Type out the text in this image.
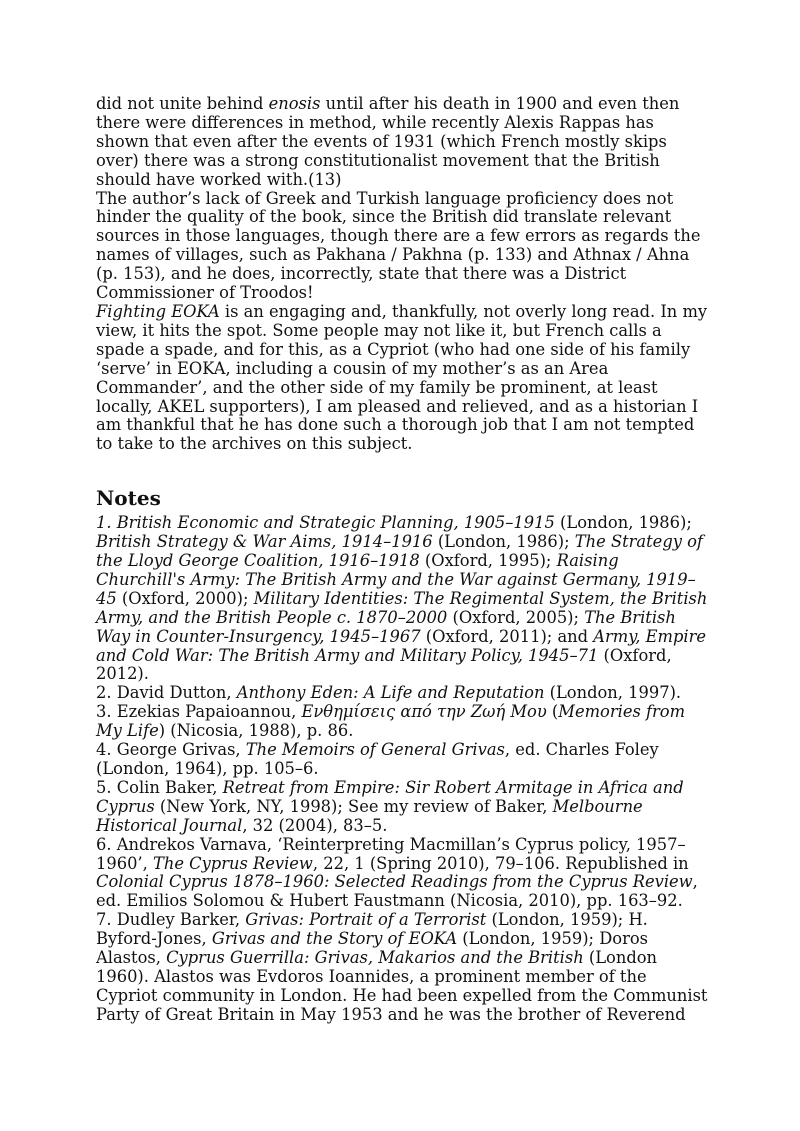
did not unite behind enosis until after his death in 1900 and even then there were differences in method, while recently Alexis Rappas has shown that even after the events of 1931 (which French mostly skips over) there was a strong constitutionalist movement that the British should have worked with.(13)

The author’s lack of Greek and Turkish language proficiency does not hinder the quality of the book, since the British did translate relevant sources in those languages, though there are a few errors as regards the names of villages, such as Pakhana / Pakhna (p. 133) and Athnax / Ahna (p. 153), and he does, incorrectly, state that there was a District Commissioner of Troodos!

Fighting EOKA is an engaging and, thankfully, not overly long read. In my view, it hits the spot. Some people may not like it, but French calls a spade a spade, and for this, as a Cypriot (who had one side of his family ‘serve’ in EOKA, including a cousin of my mother’s as an Area Commander’, and the other side of my family be prominent, at least locally, AKEL supporters), I am pleased and relieved, and as a historian I am thankful that he has done such a thorough job that I am not tempted to take to the archives on this subject.

Notes

1. British Economic and Strategic Planning, 1905–1915 (London, 1986); British Strategy & War Aims, 1914–1916 (London, 1986); The Strategy of the Lloyd George Coalition, 1916–1918 (Oxford, 1995); Raising Churchill's Army: The British Army and the War against Germany, 1919–45 (Oxford, 2000); Military Identities: The Regimental System, the British Army, and the British People c. 1870–2000 (Oxford, 2005); The British Way in Counter-Insurgency, 1945–1967 (Oxford, 2011); and Army, Empire and Cold War: The British Army and Military Policy, 1945–71 (Oxford, 2012).

2. David Dutton, Anthony Eden: A Life and Reputation (London, 1997).

3. Ezekias Papaioannou, Ενθημίσεις από την Ζωή Μου (Memories from My Life) (Nicosia, 1988), p. 86.

4. George Grivas, The Memoirs of General Grivas, ed. Charles Foley (London, 1964), pp. 105–6.

5. Colin Baker, Retreat from Empire: Sir Robert Armitage in Africa and Cyprus (New York, NY, 1998); See my review of Baker, Melbourne Historical Journal, 32 (2004), 83–5.

6. Andrekos Varnava, ‘Reinterpreting Macmillan’s Cyprus policy, 1957–1960’, The Cyprus Review, 22, 1 (Spring 2010), 79–106. Republished in Colonial Cyprus 1878–1960: Selected Readings from the Cyprus Review, ed. Emilios Solomou & Hubert Faustmann (Nicosia, 2010), pp. 163–92.

7. Dudley Barker, Grivas: Portrait of a Terrorist (London, 1959); H. Byford-Jones, Grivas and the Story of EOKA (London, 1959); Doros Alastos, Cyprus Guerrilla: Grivas, Makarios and the British (London 1960). Alastos was Evdoros Ioannides, a prominent member of the Cypriot community in London. He had been expelled from the Communist Party of Great Britain in May 1953 and he was the brother of Reverend
